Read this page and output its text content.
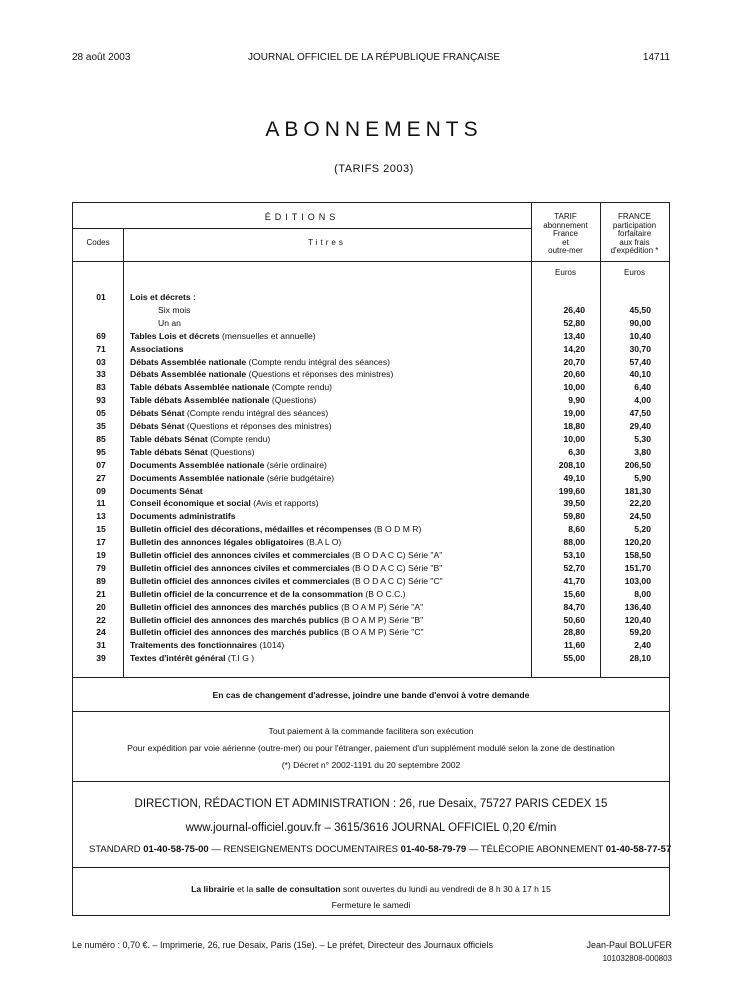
28 août 2003	JOURNAL OFFICIEL DE LA RÉPUBLIQUE FRANÇAISE	14711
ABONNEMENTS
(TARIFS 2003)
ÉDITIONS
Codes	Titres
TARIF
abonnement
France
et
outre-mer
FRANCE
participation
forfaitaire
aux frais
d'expédition *
Euros	Euros
01	Lois et décrets :
Six mois	26,40	45,50
Un an	52,80	90,00
69	Tables Lois et décrets (mensuelles et annuelle)	13,40	10,40
71	Associations	14,20	30,70
03	Débats Assemblée nationale (Compte rendu intégral des séances)	20,70	57,40
33	Débats Assemblée nationale (Questions et réponses des ministres)	20,60	40,10
83	Table débats Assemblée nationale (Compte rendu)	10,00	6,40
93	Table débats Assemblée nationale (Questions)	9,90	4,00
05	Débats Sénat (Compte rendu intégral des séances)	19,00	47,50
35	Débats Sénat (Questions et réponses des ministres)	18,80	29,40
85	Table débats Sénat (Compte rendu)	10,00	5,30
95	Table débats Sénat (Questions)	6,30	3,80
07	Documents Assemblée nationale (série ordinaire)	208,10	206,50
27	Documents Assemblée nationale (série budgétaire)	49,10	5,90
09	Documents Sénat	199,60	181,30
11	Conseil économique et social (Avis et rapports)	39,50	22,20
13	Documents administratifs	59,80	24,50
15	Bulletin officiel des décorations, médailles et récompenses (B O D M R)	8,60	5,20
17	Bulletin des annonces légales obligatoires (B.A L O)	88,00	120,20
19	Bulletin officiel des annonces civiles et commerciales (B O D A C C) Série "A"	53,10	158,50
79	Bulletin officiel des annonces civiles et commerciales (B O D A C C) Série "B"	52,70	151,70
89	Bulletin officiel des annonces civiles et commerciales (B O D A C C) Série "C"	41,70	103,00
21	Bulletin officiel de la concurrence et de la consommation (B O C.C.)	15,60	8,00
20	Bulletin officiel des annonces des marchés publics (B O A M P) Série "A"	84,70	136,40
22	Bulletin officiel des annonces des marchés publics (B O A M P) Série "B"	50,60	120,40
24	Bulletin officiel des annonces des marchés publics (B O A M P) Série "C"	28,80	59,20
31	Traitements des fonctionnaires (1014)	11,60	2,40
39	Textes d'intérêt général (T.I G )	55,00	28,10
En cas de changement d'adresse, joindre une bande d'envoi à votre demande
Tout paiement à la commande facilitera son exécution
Pour expédition par voie aérienne (outre-mer) ou pour l'étranger, paiement d'un supplément modulé selon la zone de destination
(*) Décret n° 2002-1191 du 20 septembre 2002
DIRECTION, RÉDACTION ET ADMINISTRATION : 26, rue Desaix, 75727 PARIS CEDEX 15
www.journal-officiel.gouv.fr – 3615/3616 JOURNAL OFFICIEL 0,20 €/min
STANDARD 01-40-58-75-00 — RENSEIGNEMENTS DOCUMENTAIRES 01-40-58-79-79 — TÉLÉCOPIE ABONNEMENT 01-40-58-77-57
La librairie et la salle de consultation sont ouvertes du lundi au vendredi de 8 h 30 à 17 h 15
Fermeture le samedi
Le numéro : 0,70 €. – Imprimerie, 26, rue Desaix, Paris (15e). – Le préfet, Directeur des Journaux officiels	Jean-Paul BOLUFER
101032808-000803
